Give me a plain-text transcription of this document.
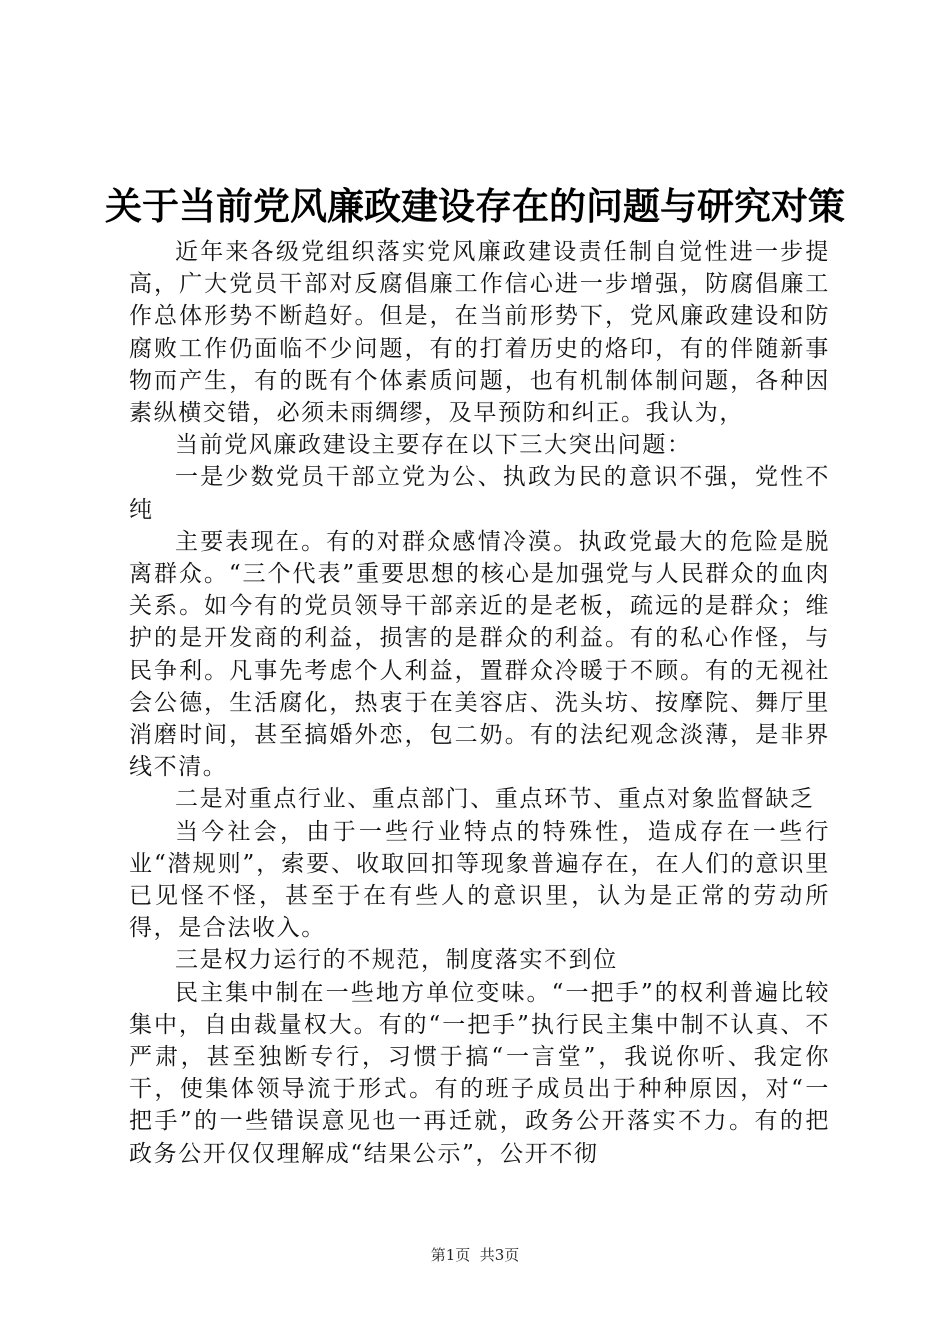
关于当前党风廉政建设存在的问题与研究对策

近年来各级党组织落实党风廉政建设责任制自觉性进一步提高，广大党员干部对反腐倡廉工作信心进一步增强，防腐倡廉工作总体形势不断趋好。但是，在当前形势下，党风廉政建设和防腐败工作仍面临不少问题，有的打着历史的烙印，有的伴随新事物而产生，有的既有个体素质问题，也有机制体制问题，各种因素纵横交错，必须未雨绸缪，及早预防和纠正。我认为，

当前党风廉政建设主要存在以下三大突出问题：

一是少数党员干部立党为公、执政为民的意识不强，党性不纯

主要表现在。有的对群众感情冷漠。执政党最大的危险是脱离群众。“三个代表”重要思想的核心是加强党与人民群众的血肉关系。如今有的党员领导干部亲近的是老板，疏远的是群众；维护的是开发商的利益，损害的是群众的利益。有的私心作怪，与民争利。凡事先考虑个人利益，置群众冷暖于不顾。有的无视社会公德，生活腐化，热衷于在美容店、洗头坊、按摩院、舞厅里消磨时间，甚至搞婚外恋，包二奶。有的法纪观念淡薄，是非界线不清。

二是对重点行业、重点部门、重点环节、重点对象监督缺乏

当今社会，由于一些行业特点的特殊性，造成存在一些行业“潜规则”，索要、收取回扣等现象普遍存在，在人们的意识里已见怪不怪，甚至于在有些人的意识里，认为是正常的劳动所得，是合法收入。

三是权力运行的不规范，制度落实不到位

民主集中制在一些地方单位变味。“一把手”的权利普遍比较集中，自由裁量权大。有的“一把手”执行民主集中制不认真、不严肃，甚至独断专行，习惯于搞“一言堂”，我说你听、我定你干，使集体领导流于形式。有的班子成员出于种种原因，对“一把手”的一些错误意见也一再迁就，政务公开落实不力。有的把政务公开仅仅理解成“结果公示”，公开不彻

第1页  共3页
